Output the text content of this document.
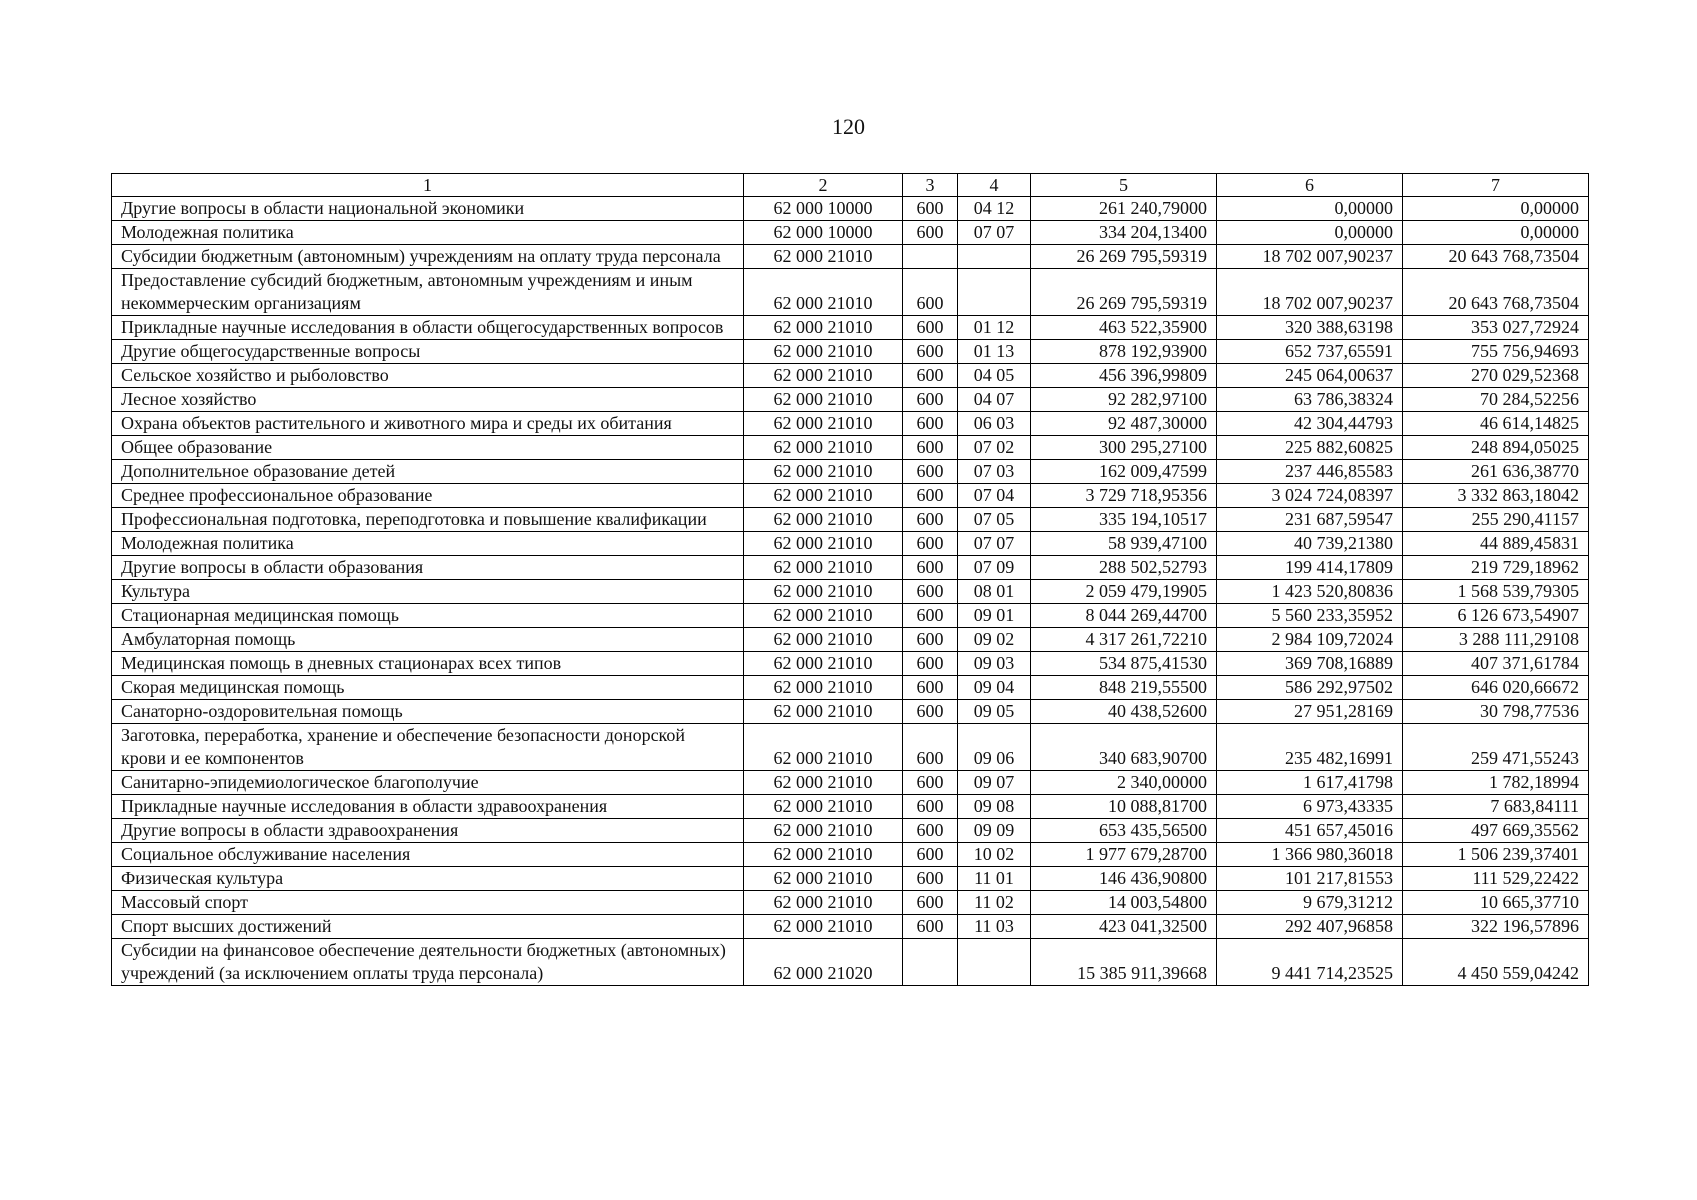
120
1	2	3	4	5	6	7
Другие вопросы в области национальной экономики	62 000 10000	600	04 12	261 240,79000	0,00000	0,00000
Молодежная политика	62 000 10000	600	07 07	334 204,13400	0,00000	0,00000
Субсидии бюджетным (автономным) учреждениям на оплату труда персонала	62 000 21010			26 269 795,59319	18 702 007,90237	20 643 768,73504
Предоставление субсидий бюджетным, автономным учреждениям и иным некоммерческим организациям	62 000 21010	600		26 269 795,59319	18 702 007,90237	20 643 768,73504
Прикладные научные исследования в области общегосударственных вопросов	62 000 21010	600	01 12	463 522,35900	320 388,63198	353 027,72924
Другие общегосударственные вопросы	62 000 21010	600	01 13	878 192,93900	652 737,65591	755 756,94693
Сельское хозяйство и рыболовство	62 000 21010	600	04 05	456 396,99809	245 064,00637	270 029,52368
Лесное хозяйство	62 000 21010	600	04 07	92 282,97100	63 786,38324	70 284,52256
Охрана объектов растительного и животного мира и среды их обитания	62 000 21010	600	06 03	92 487,30000	42 304,44793	46 614,14825
Общее образование	62 000 21010	600	07 02	300 295,27100	225 882,60825	248 894,05025
Дополнительное образование детей	62 000 21010	600	07 03	162 009,47599	237 446,85583	261 636,38770
Среднее профессиональное образование	62 000 21010	600	07 04	3 729 718,95356	3 024 724,08397	3 332 863,18042
Профессиональная подготовка, переподготовка и повышение квалификации	62 000 21010	600	07 05	335 194,10517	231 687,59547	255 290,41157
Молодежная политика	62 000 21010	600	07 07	58 939,47100	40 739,21380	44 889,45831
Другие вопросы в области образования	62 000 21010	600	07 09	288 502,52793	199 414,17809	219 729,18962
Культура	62 000 21010	600	08 01	2 059 479,19905	1 423 520,80836	1 568 539,79305
Стационарная медицинская помощь	62 000 21010	600	09 01	8 044 269,44700	5 560 233,35952	6 126 673,54907
Амбулаторная помощь	62 000 21010	600	09 02	4 317 261,72210	2 984 109,72024	3 288 111,29108
Медицинская помощь в дневных стационарах всех типов	62 000 21010	600	09 03	534 875,41530	369 708,16889	407 371,61784
Скорая медицинская помощь	62 000 21010	600	09 04	848 219,55500	586 292,97502	646 020,66672
Санаторно-оздоровительная помощь	62 000 21010	600	09 05	40 438,52600	27 951,28169	30 798,77536
Заготовка, переработка, хранение и обеспечение безопасности донорской крови и ее компонентов	62 000 21010	600	09 06	340 683,90700	235 482,16991	259 471,55243
Санитарно-эпидемиологическое благополучие	62 000 21010	600	09 07	2 340,00000	1 617,41798	1 782,18994
Прикладные научные исследования в области здравоохранения	62 000 21010	600	09 08	10 088,81700	6 973,43335	7 683,84111
Другие вопросы в области здравоохранения	62 000 21010	600	09 09	653 435,56500	451 657,45016	497 669,35562
Социальное обслуживание населения	62 000 21010	600	10 02	1 977 679,28700	1 366 980,36018	1 506 239,37401
Физическая культура	62 000 21010	600	11 01	146 436,90800	101 217,81553	111 529,22422
Массовый спорт	62 000 21010	600	11 02	14 003,54800	9 679,31212	10 665,37710
Спорт высших достижений	62 000 21010	600	11 03	423 041,32500	292 407,96858	322 196,57896
Субсидии на финансовое обеспечение деятельности бюджетных (автономных) учреждений (за исключением оплаты труда персонала)	62 000 21020			15 385 911,39668	9 441 714,23525	4 450 559,04242
